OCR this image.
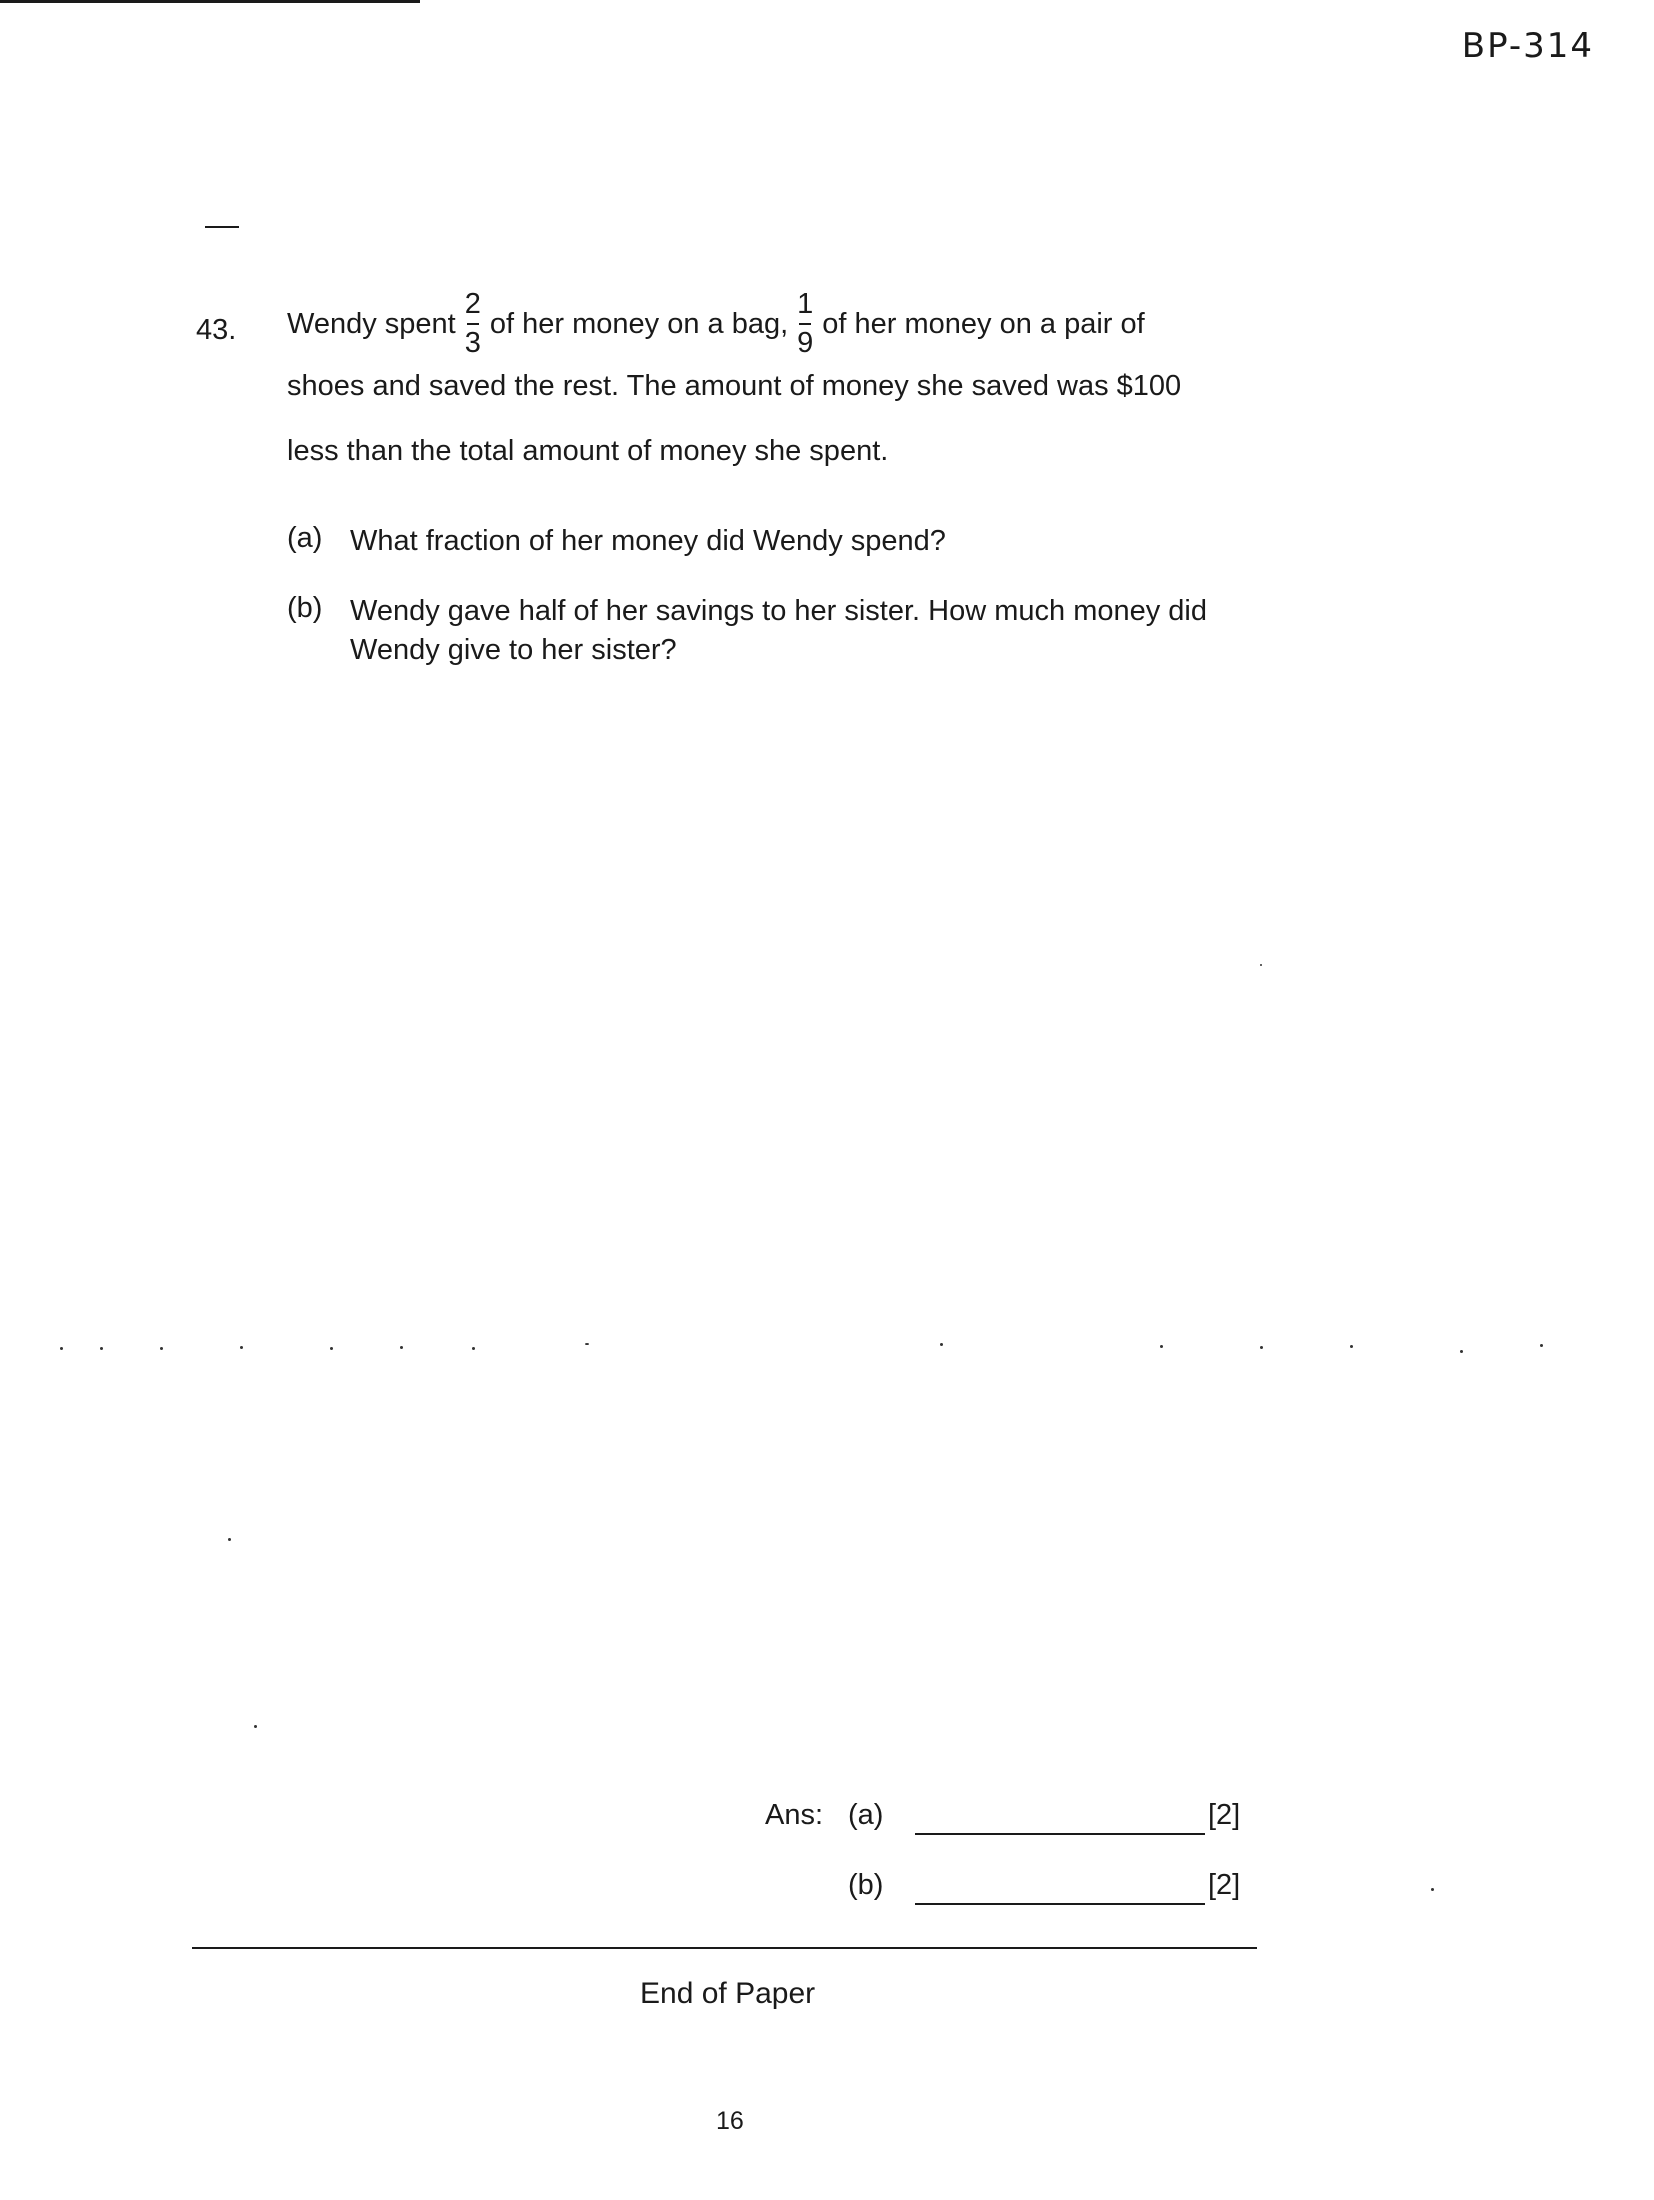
BP-314
43. Wendy spent $\frac{2}{3}$ of her money on a bag, $\frac{1}{9}$ of her money on a pair of
shoes and saved the rest. The amount of money she saved was $100
less than the total amount of money she spent.
(a) What fraction of her money did Wendy spend?
(b) Wendy gave half of her savings to her sister. How much money did Wendy give to her sister?
Ans: (a)	[2]
(b)	[2]
End of Paper
16
